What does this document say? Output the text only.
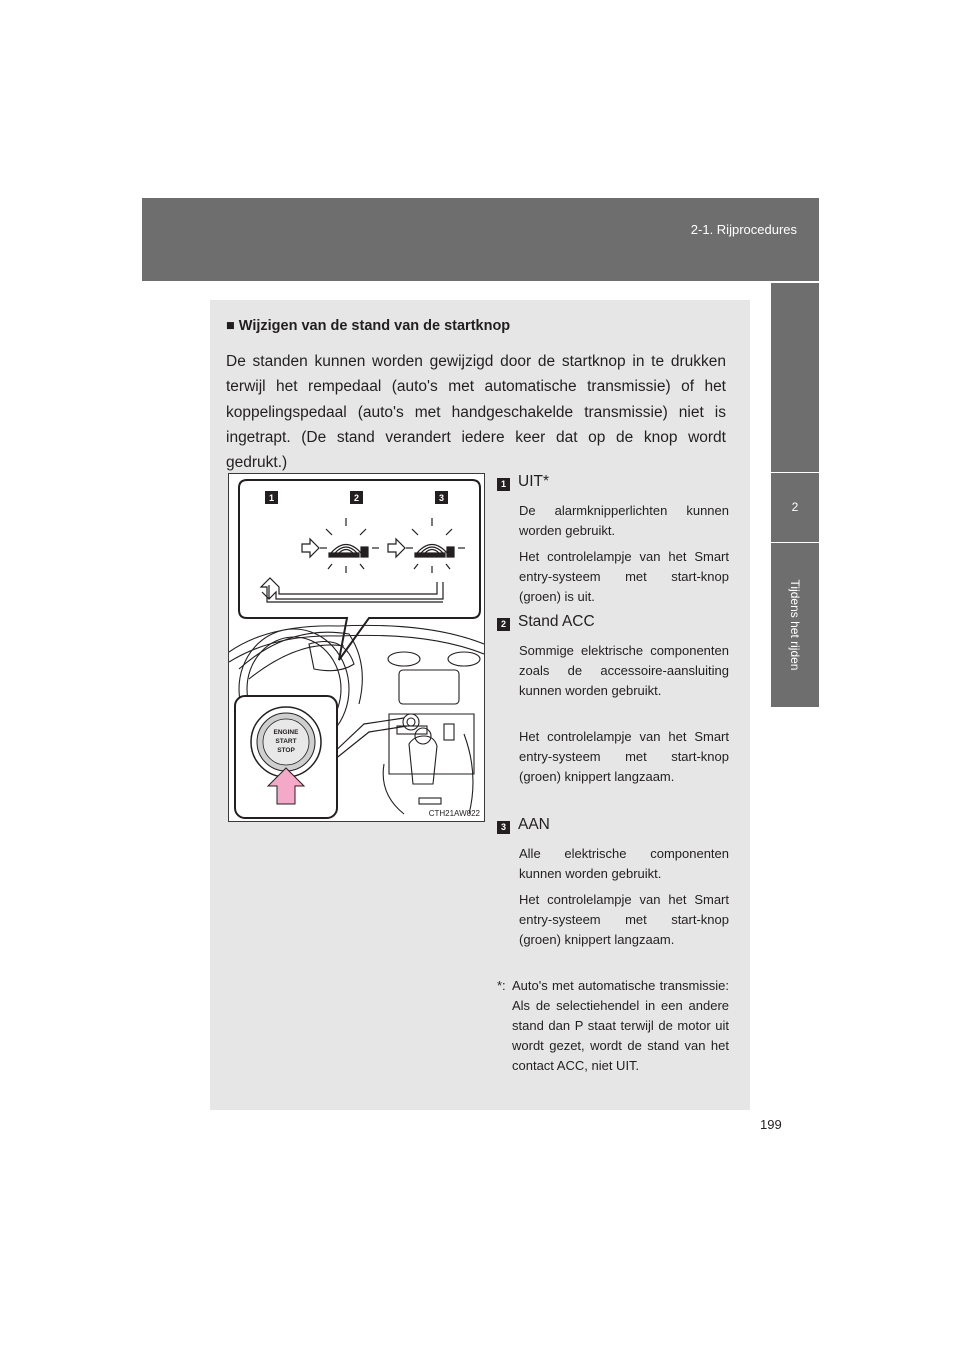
2-1. Rijprocedures
2
Tijdens het rijden
■ Wijzigen van de stand van de startknop
De standen kunnen worden gewijzigd door de startknop in te drukken terwijl het rempedaal (auto's met automatische transmissie) of het koppelingspedaal (auto's met handgeschakelde transmissie) niet is ingetrapt. (De stand verandert iedere keer dat op de knop wordt gedrukt.)
1	2	3
ENGINE
START
STOP
CTH21AW022
1 UIT*
De alarmknipperlichten kunnen worden gebruikt.
Het controlelampje van het Smart entry-systeem met start-knop (groen) is uit.
2 Stand ACC
Sommige elektrische componenten zoals de accessoire-aansluiting kunnen worden gebruikt.
Het controlelampje van het Smart entry-systeem met start-knop (groen) knippert langzaam.
3 AAN
Alle elektrische componenten kunnen worden gebruikt.
Het controlelampje van het Smart entry-systeem met start-knop (groen) knippert langzaam.
*: Auto's met automatische transmissie: Als de selectiehendel in een andere stand dan P staat terwijl de motor uit wordt gezet, wordt de stand van het contact ACC, niet UIT.
199
